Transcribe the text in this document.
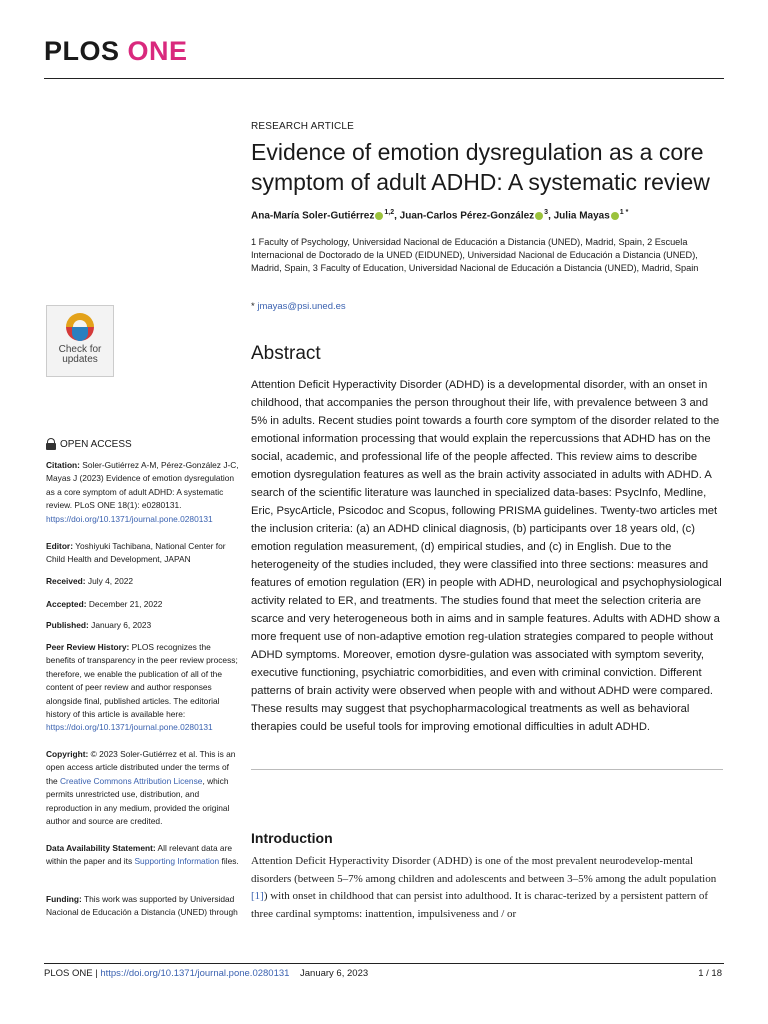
PLOS ONE
Check for
updates
OPEN ACCESS
Citation: Soler-Gutiérrez A-M, Pérez-González J-C, Mayas J (2023) Evidence of emotion dysregulation as a core symptom of adult ADHD: A systematic review. PLoS ONE 18(1): e0280131. https://doi.org/10.1371/journal.pone.0280131
Editor: Yoshiyuki Tachibana, National Center for Child Health and Development, JAPAN
Received: July 4, 2022
Accepted: December 21, 2022
Published: January 6, 2023
Peer Review History: PLOS recognizes the benefits of transparency in the peer review process; therefore, we enable the publication of all of the content of peer review and author responses alongside final, published articles. The editorial history of this article is available here: https://doi.org/10.1371/journal.pone.0280131
Copyright: © 2023 Soler-Gutiérrez et al. This is an open access article distributed under the terms of the Creative Commons Attribution License, which permits unrestricted use, distribution, and reproduction in any medium, provided the original author and source are credited.
Data Availability Statement: All relevant data are within the paper and its Supporting Information files.
Funding: This work was supported by Universidad Nacional de Educación a Distancia (UNED) through
RESEARCH ARTICLE
Evidence of emotion dysregulation as a core symptom of adult ADHD: A systematic review
Ana-María Soler-Gutiérrez $^{1,2}$, Juan-Carlos Pérez-González $^3$, Julia Mayas $^{1 *}$
1 Faculty of Psychology, Universidad Nacional de Educación a Distancia (UNED), Madrid, Spain, 2 Escuela Internacional de Doctorado de la UNED (EIDUNED), Universidad Nacional de Educación a Distancia (UNED), Madrid, Spain, 3 Faculty of Education, Universidad Nacional de Educación a Distancia (UNED), Madrid, Spain
* jmayas@psi.uned.es
Abstract
Attention Deficit Hyperactivity Disorder (ADHD) is a developmental disorder, with an onset in childhood, that accompanies the person throughout their life, with prevalence between 3 and 5% in adults. Recent studies point towards a fourth core symptom of the disorder related to the emotional information processing that would explain the repercussions that ADHD has on the social, academic, and professional life of the people affected. This review aims to describe emotion dysregulation features as well as the brain activity associated in adults with ADHD. A search of the scientific literature was launched in specialized data-bases: PsycInfo, Medline, Eric, PsycArticle, Psicodoc and Scopus, following PRISMA guidelines. Twenty-two articles met the inclusion criteria: (a) an ADHD clinical diagnosis, (b) participants over 18 years old, (c) emotion regulation measurement, (d) empirical studies, and (c) in English. Due to the heterogeneity of the studies included, they were classified into three sections: measures and features of emotion regulation (ER) in people with ADHD, neurological and psychophysiological activity related to ER, and treatments. The studies found that meet the selection criteria are scarce and very heterogeneous both in aims and in sample features. Adults with ADHD show a more frequent use of non-adaptive emotion reg-ulation strategies compared to people without ADHD symptoms. Moreover, emotion dysre-gulation was associated with symptom severity, executive functioning, psychiatric comorbidities, and even with criminal conviction. Different patterns of brain activity were observed when people with and without ADHD were compared. These results may suggest that psychopharmacological treatments as well as behavioral therapies could be useful tools for improving emotional difficulties in adult ADHD.
Introduction
Attention Deficit Hyperactivity Disorder (ADHD) is one of the most prevalent neurodevelop-mental disorders (between 5–7% among children and adolescents and between 3–5% among the adult population [1]) with onset in childhood that can persist into adulthood. It is charac-terized by a persistent pattern of three cardinal symptoms: inattention, impulsiveness and / or
PLOS ONE | https://doi.org/10.1371/journal.pone.0280131 January 6, 2023	1 / 18
